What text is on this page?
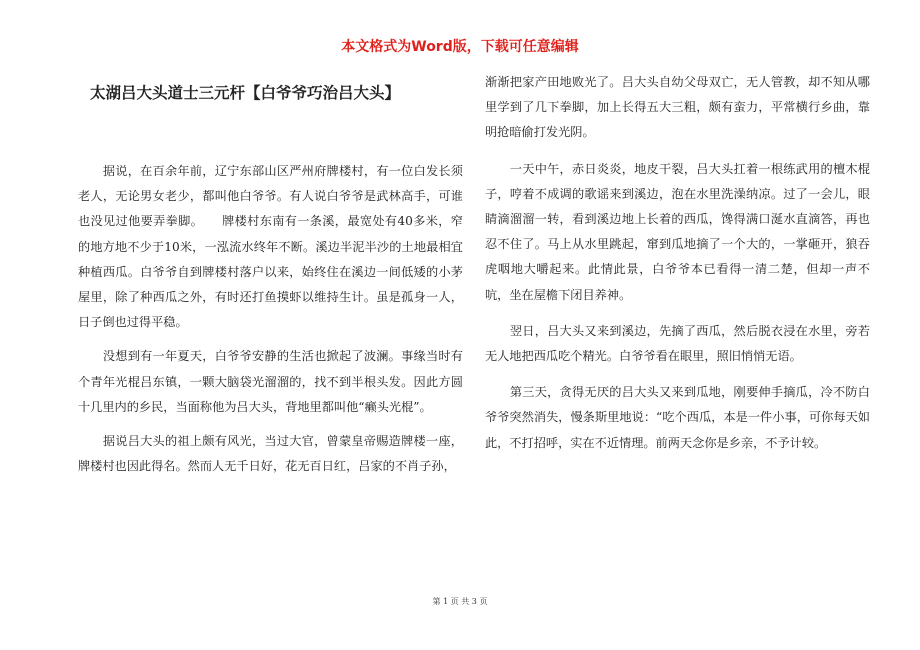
本文格式为Word版，下载可任意编辑
太湖吕大头道士三元杆【白爷爷巧治吕大头】

　　据说，在百余年前，辽宁东部山区严州府牌楼村，有一位白发长须老人，无论男女老少，都叫他白爷爷。有人说白爷爷是武林高手，可谁也没见过他要弄拳脚。　　牌楼村东南有一条溪，最宽处有40多米，窄的地方地不少于10米，一泓流水终年不断。溪边半泥半沙的土地最相宜种植西瓜。白爷爷自到牌楼村落户以来，始终住在溪边一间低矮的小茅屋里，除了种西瓜之外，有时还打鱼摸虾以维持生计。虽是孤身一人，日子倒也过得平稳。

　　没想到有一年夏天，白爷爷安静的生活也掀起了波澜。事缘当时有个青年光棍吕东镇，一颗大脑袋光溜溜的，找不到半根头发。因此方圆十几里内的乡民，当面称他为吕大头，背地里都叫他“癞头光棍”。

　　据说吕大头的祖上颇有风光，当过大官，曾蒙皇帝赐造牌楼一座，牌楼村也因此得名。然而人无千日好，花无百日红，吕家的不肖子孙，

渐渐把家产田地败光了。吕大头自幼父母双亡，无人管教，却不知从哪里学到了几下拳脚，加上长得五大三粗，颇有蛮力，平常横行乡曲，靠明抢暗偷打发光阴。

　　一天中午，赤日炎炎，地皮干裂，吕大头扛着一根练武用的檀木棍子，哼着不成调的歌谣来到溪边，泡在水里洗澡纳凉。过了一会儿，眼睛滴溜溜一转，看到溪边地上长着的西瓜，馋得满口涎水直滴答，再也忍不住了。马上从水里跳起，窜到瓜地摘了一个大的，一掌砸开，狼吞虎咽地大嚼起来。此情此景，白爷爷本已看得一清二楚，但却一声不吭，坐在屋檐下闭目养神。

　　翌日，吕大头又来到溪边，先摘了西瓜，然后脱衣浸在水里，旁若无人地把西瓜吃个精光。白爷爷看在眼里，照旧悄悄无语。

　　第三天，贪得无厌的吕大头又来到瓜地，刚要伸手摘瓜，冷不防白爷爷突然消失，慢条斯里地说：“吃个西瓜，本是一件小事，可你每天如此，不打招呼，实在不近情理。前两天念你是乡亲，不予计较。

第 1 页 共 3 页
